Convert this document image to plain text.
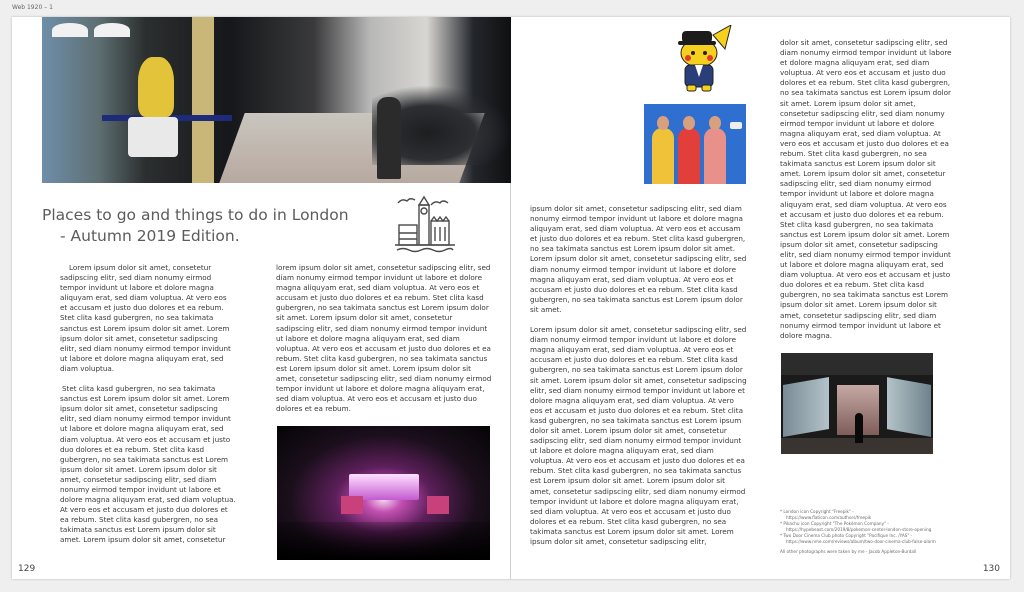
Web 1920 – 1
Places to go and things to do in London
- Autumn 2019 Edition.

Lorem ipsum dolor sit amet, consetetur sadipscing elitr, sed diam nonumy eirmod tempor invidunt ut labore et dolore magna aliquyam erat, sed diam voluptua. At vero eos et accusam et justo duo dolores et ea rebum. Stet clita kasd gubergren, no sea takimata sanctus est Lorem ipsum dolor sit amet. Lorem ipsum dolor sit amet, consetetur sadipscing elitr, sed diam nonumy eirmod tempor invidunt ut labore et dolore magna aliquyam erat, sed diam voluptua.

Stet clita kasd gubergren, no sea takimata sanctus est Lorem ipsum dolor sit amet. Lorem ipsum dolor sit amet, consetetur sadipscing elitr, sed diam nonumy eirmod tempor invidunt ut labore et dolore magna aliquyam erat, sed diam voluptua. At vero eos et accusam et justo duo dolores et ea rebum. Stet clita kasd gubergren, no sea takimata sanctus est Lorem ipsum dolor sit amet. Lorem ipsum dolor sit amet, consetetur sadipscing elitr, sed diam nonumy eirmod tempor invidunt ut labore et dolore magna aliquyam erat, sed diam voluptua. At vero eos et accusam et justo duo dolores et ea rebum. Stet clita kasd gubergren, no sea takimata sanctus est Lorem ipsum dolor sit amet. Lorem ipsum dolor sit amet, consetetur

lorem ipsum dolor sit amet, consetetur sadipscing elitr, sed diam nonumy eirmod tempor invidunt ut labore et dolore magna aliquyam erat, sed diam voluptua. At vero eos et accusam et justo duo dolores et ea rebum. Stet clita kasd gubergren, no sea takimata sanctus est Lorem ipsum dolor sit amet. Lorem ipsum dolor sit amet, consetetur sadipscing elitr, sed diam nonumy eirmod tempor invidunt ut labore et dolore magna aliquyam erat, sed diam voluptua. At vero eos et accusam et justo duo dolores et ea rebum. Stet clita kasd gubergren, no sea takimata sanctus est Lorem ipsum dolor sit amet. Lorem ipsum dolor sit amet, consetetur sadipscing elitr, sed diam nonumy eirmod tempor invidunt ut labore et dolore magna aliquyam erat, sed diam voluptua. At vero eos et accusam et justo duo dolores et ea rebum.

ipsum dolor sit amet, consetetur sadipscing elitr, sed diam nonumy eirmod tempor invidunt ut labore et dolore magna aliquyam erat, sed diam voluptua. At vero eos et accusam et justo duo dolores et ea rebum. Stet clita kasd gubergren, no sea takimata sanctus est Lorem ipsum dolor sit amet. Lorem ipsum dolor sit amet, consetetur sadipscing elitr, sed diam nonumy eirmod tempor invidunt ut labore et dolore magna aliquyam erat, sed diam voluptua. At vero eos et accusam et justo duo dolores et ea rebum. Stet clita kasd gubergren, no sea takimata sanctus est Lorem ipsum dolor sit amet.

Lorem ipsum dolor sit amet, consetetur sadipscing elitr, sed diam nonumy eirmod tempor invidunt ut labore et dolore magna aliquyam erat, sed diam voluptua. At vero eos et accusam et justo duo dolores et ea rebum. Stet clita kasd gubergren, no sea takimata sanctus est Lorem ipsum dolor sit amet. Lorem ipsum dolor sit amet, consetetur sadipscing elitr, sed diam nonumy eirmod tempor invidunt ut labore et dolore magna aliquyam erat, sed diam voluptua. At vero eos et accusam et justo duo dolores et ea rebum. Stet clita kasd gubergren, no sea takimata sanctus est Lorem ipsum dolor sit amet. Lorem ipsum dolor sit amet, consetetur sadipscing elitr, sed diam nonumy eirmod tempor invidunt ut labore et dolore magna aliquyam erat, sed diam voluptua. At vero eos et accusam et justo duo dolores et ea rebum. Stet clita kasd gubergren, no sea takimata sanctus est Lorem ipsum dolor sit amet. Lorem ipsum dolor sit amet, consetetur sadipscing elitr, sed diam nonumy eirmod tempor invidunt ut labore et dolore magna aliquyam erat, sed diam voluptua. At vero eos et accusam et justo duo dolores et ea rebum. Stet clita kasd gubergren, no sea takimata sanctus est Lorem ipsum dolor sit amet. Lorem ipsum dolor sit amet, consetetur sadipscing elitr,

dolor sit amet, consetetur sadipscing elitr, sed diam nonumy eirmod tempor invidunt ut labore et dolore magna aliquyam erat, sed diam voluptua. At vero eos et accusam et justo duo dolores et ea rebum. Stet clita kasd gubergren, no sea takimata sanctus est Lorem ipsum dolor sit amet. Lorem ipsum dolor sit amet, consetetur sadipscing elitr, sed diam nonumy eirmod tempor invidunt ut labore et dolore magna aliquyam erat, sed diam voluptua. At vero eos et accusam et justo duo dolores et ea rebum. Stet clita kasd gubergren, no sea takimata sanctus est Lorem ipsum dolor sit amet. Lorem ipsum dolor sit amet, consetetur sadipscing elitr, sed diam nonumy eirmod tempor invidunt ut labore et dolore magna aliquyam erat, sed diam voluptua. At vero eos et accusam et justo duo dolores et ea rebum. Stet clita kasd gubergren, no sea takimata sanctus est Lorem ipsum dolor sit amet. Lorem ipsum dolor sit amet, consetetur sadipscing elitr, sed diam nonumy eirmod tempor invidunt ut labore et dolore magna aliquyam erat, sed diam voluptua. At vero eos et accusam et justo duo dolores et ea rebum. Stet clita kasd gubergren, no sea takimata sanctus est Lorem ipsum dolor sit amet. Lorem ipsum dolor sit amet, consetetur sadipscing elitr, sed diam nonumy eirmod tempor invidunt ut labore et dolore magna.

* London icon Copyright "Freepik" -
https://www.flaticon.com/authors/freepik
* Pikachu icon Copyright "The Pokémon Company" -
https://hypebeast.com/2019/8/pokemon-center-london-store-opening
* Two Door Cinema Club photo Copyright "Pacifique Inc. /YAS" -
https://www.nme.com/reviews/album/two-door-cinema-club-false-alarm
All other photographs were taken by me - Jacob Appleton-Burdall
129	130
